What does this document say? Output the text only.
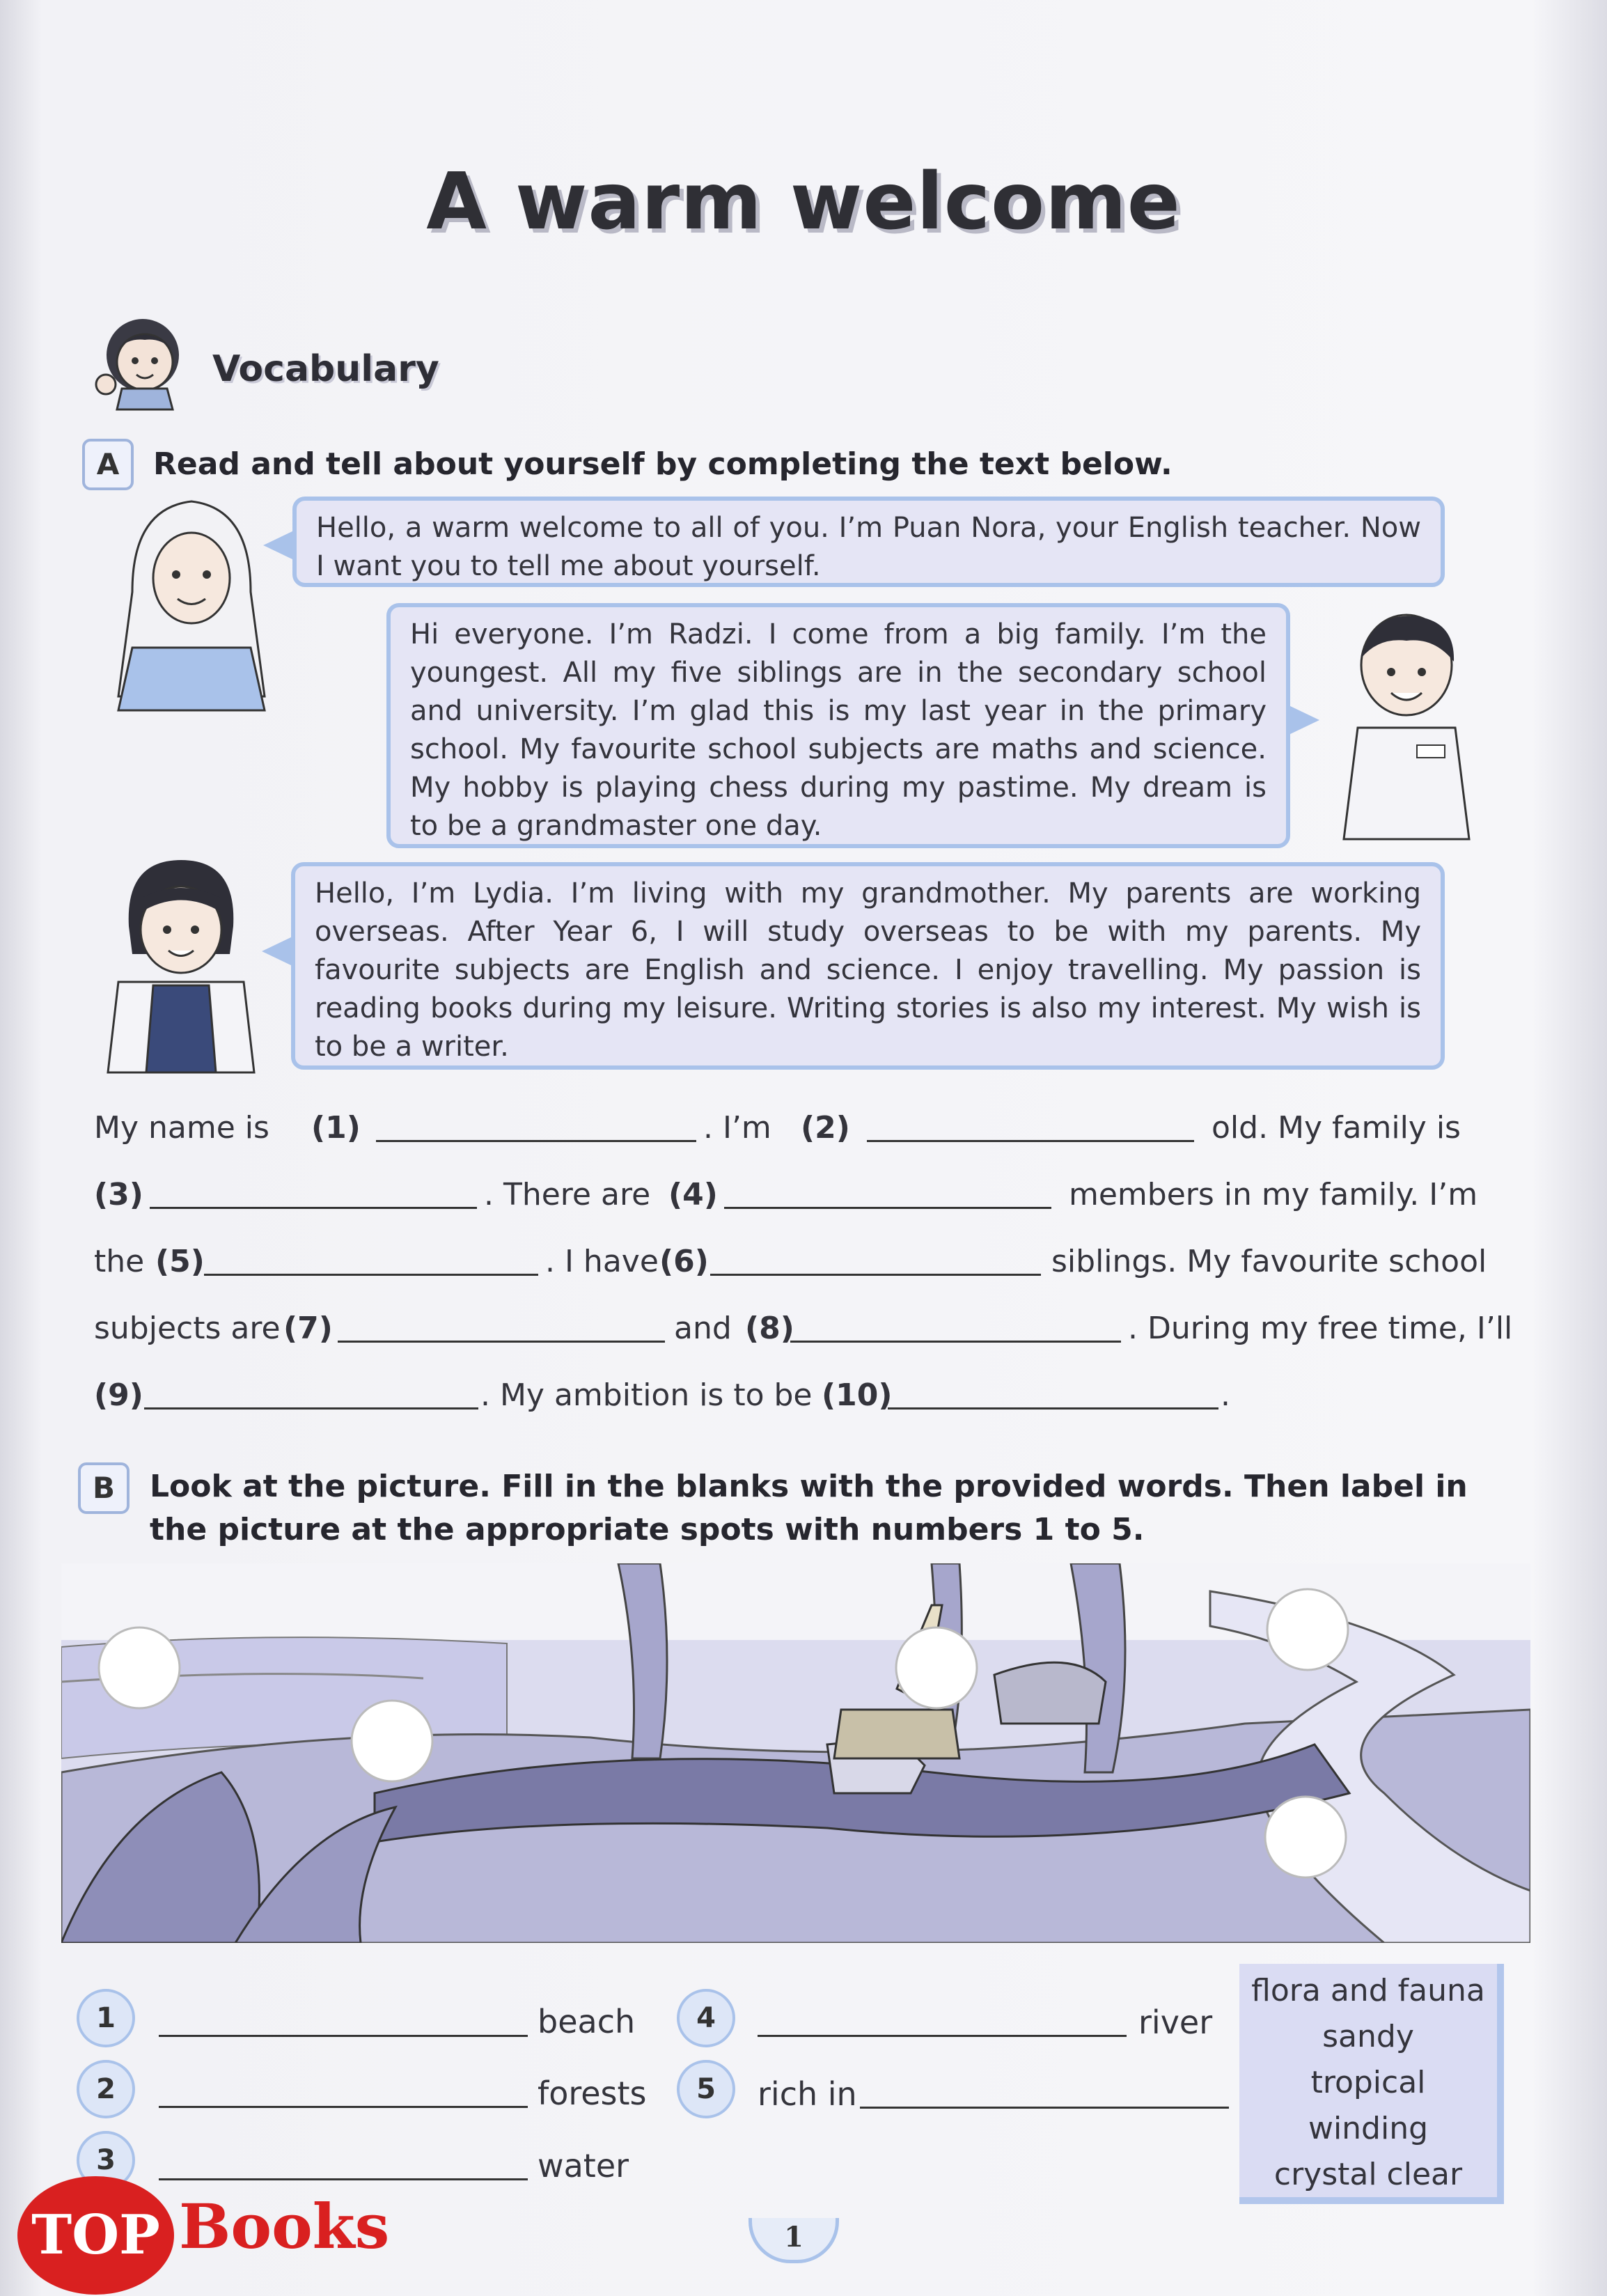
A warm welcome
Vocabulary
A	Read and tell about yourself by completing the text below.
Hello, a warm welcome to all of you. I’m Puan Nora, your English teacher. Now I want you to tell me about yourself.
Hi everyone. I’m Radzi. I come from a big family. I’m the youngest. All my five siblings are in the secondary school and university. I’m glad this is my last year in the primary school. My favourite school subjects are maths and science. My hobby is playing chess during my pastime. My dream is to be a grandmaster one day.
Hello, I’m Lydia. I’m living with my grandmother. My parents are working overseas. After Year 6, I will study overseas to be with my parents. My favourite subjects are English and science. I enjoy travelling. My passion is reading books during my leisure. Writing stories is also my interest. My wish is to be a writer.
My name is (1)	. I’m (2)	old. My family is
(3)	. There are (4)	members in my family. I’m
the (5)	. I have (6)	siblings. My favourite school
subjects are (7)	and (8)	. During my free time, I’ll
(9)	. My ambition is to be (10)	.
B	Look at the picture. Fill in the blanks with the provided words. Then label in the picture at the appropriate spots with numbers 1 to 5.
1	beach
2	forests
3	water
4	river
5	rich in
flora and fauna
sandy
tropical
winding
crystal clear
TOP Books	1
